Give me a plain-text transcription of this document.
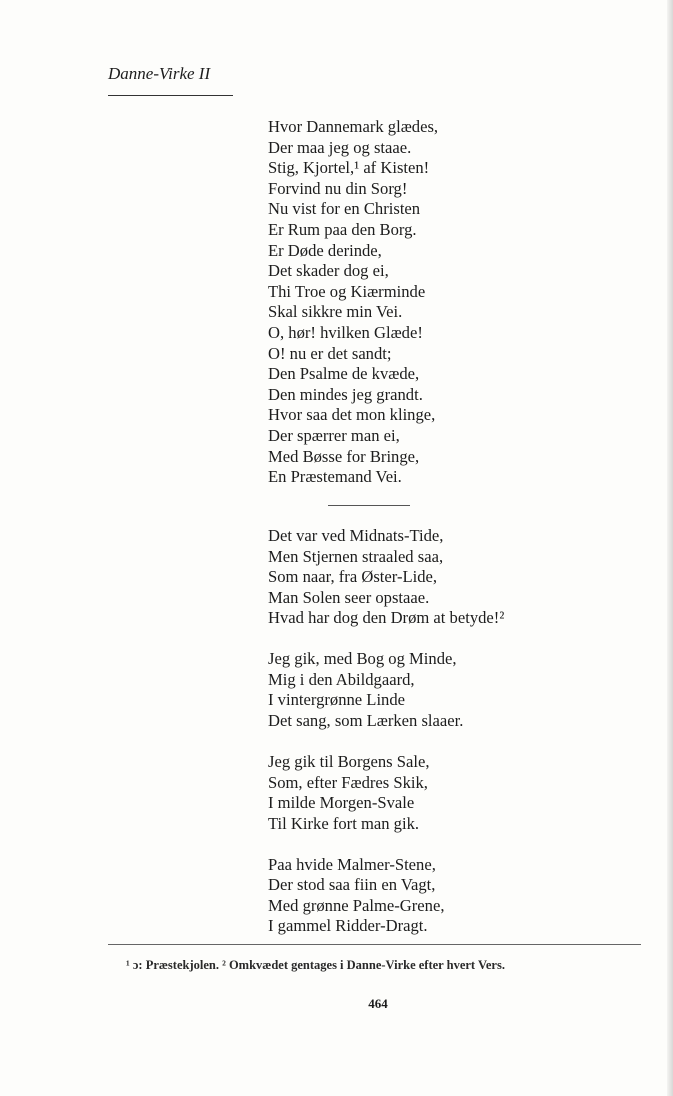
Danne-Virke II
Hvor Dannemark glædes,
Der maa jeg og staae.
Stig, Kjortel,¹ af Kisten!
Forvind nu din Sorg!
Nu vist for en Christen
Er Rum paa den Borg.
Er Døde derinde,
Det skader dog ei,
Thi Troe og Kiærminde
Skal sikkre min Vei.
O, hør! hvilken Glæde!
O! nu er det sandt;
Den Psalme de kvæde,
Den mindes jeg grandt.
Hvor saa det mon klinge,
Der spærrer man ei,
Med Bøsse for Bringe,
En Præstemand Vei.
Det var ved Midnats-Tide,
Men Stjernen straaled saa,
Som naar, fra Øster-Lide,
Man Solen seer opstaae.
Hvad har dog den Drøm at betyde!²
Jeg gik, med Bog og Minde,
Mig i den Abildgaard,
I vintergrønne Linde
Det sang, som Lærken slaaer.
Jeg gik til Borgens Sale,
Som, efter Fædres Skik,
I milde Morgen-Svale
Til Kirke fort man gik.
Paa hvide Malmer-Stene,
Der stod saa fiin en Vagt,
Med grønne Palme-Grene,
I gammel Ridder-Dragt.
¹ ɔ: Præstekjolen. ² Omkvædet gentages i Danne-Virke efter hvert Vers.
464
